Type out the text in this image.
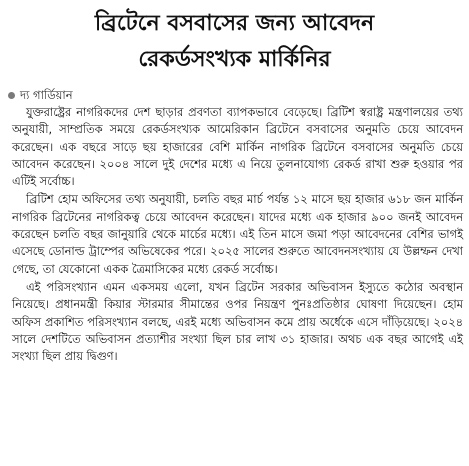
ব্রিটেনে বসবাসের জন্য আবেদন
রেকর্ডসংখ্যক মার্কিনির
দ্য গার্ডিয়ান

যুক্তরাষ্ট্রের নাগরিকদের দেশ ছাড়ার প্রবণতা ব্যাপকভাবে বেড়েছে। ব্রিটিশ স্বরাষ্ট্র মন্ত্রণালয়ের তথ্য অনুযায়ী, সাম্প্রতিক সময়ে রেকর্ডসংখ্যক আমেরিকান ব্রিটেনে বসবাসের অনুমতি চেয়ে আবেদন করেছেন। এক বছরে সাড়ে ছয় হাজারের বেশি মার্কিন নাগরিক ব্রিটেনে বসবাসের অনুমতি চেয়ে আবেদন করেছেন। ২০০৪ সালে দুই দেশের মধ্যে এ নিয়ে তুলনাযোগ্য রেকর্ড রাখা শুরু হওয়ার পর এটিই সর্বোচ্চ।

ব্রিটিশ হোম অফিসের তথ্য অনুযায়ী, চলতি বছর মার্চ পর্যন্ত ১২ মাসে ছয় হাজার ৬১৮ জন মার্কিন নাগরিক ব্রিটেনের নাগরিকত্ব চেয়ে আবেদন করেছেন। যাদের মধ্যে এক হাজার ৯০০ জনই আবেদন করেছেন চলতি বছর জানুয়ারি থেকে মার্চের মধ্যে। এই তিন মাসে জমা পড়া আবেদনের বেশির ভাগই এসেছে ডোনাল্ড ট্রাম্পের অভিষেকের পরে। ২০২৫ সালের শুরুতে আবেদনসংখ্যায় যে উল্লম্ফন দেখা গেছে, তা যেকোনো একক ত্রৈমাসিকের মধ্যে রেকর্ড সর্বোচ্চ।

এই পরিসংখ্যান এমন একসময় এলো, যখন ব্রিটেন সরকার অভিবাসন ইস্যুতে কঠোর অবস্থান নিয়েছে। প্রধানমন্ত্রী কিয়ার স্টারমার সীমান্তের ওপর নিয়ন্ত্রণ পুনঃপ্রতিষ্ঠার ঘোষণা দিয়েছেন। হোম অফিস প্রকাশিত পরিসংখ্যান বলছে, এরই মধ্যে অভিবাসন কমে প্রায় অর্ধেকে এসে দাঁড়িয়েছে। ২০২৪ সালে দেশটিতে অভিবাসন প্রত্যাশীর সংখ্যা ছিল চার লাখ ৩১ হাজার। অথচ এক বছর আগেই এই সংখ্যা ছিল প্রায় দ্বিগুণ।
